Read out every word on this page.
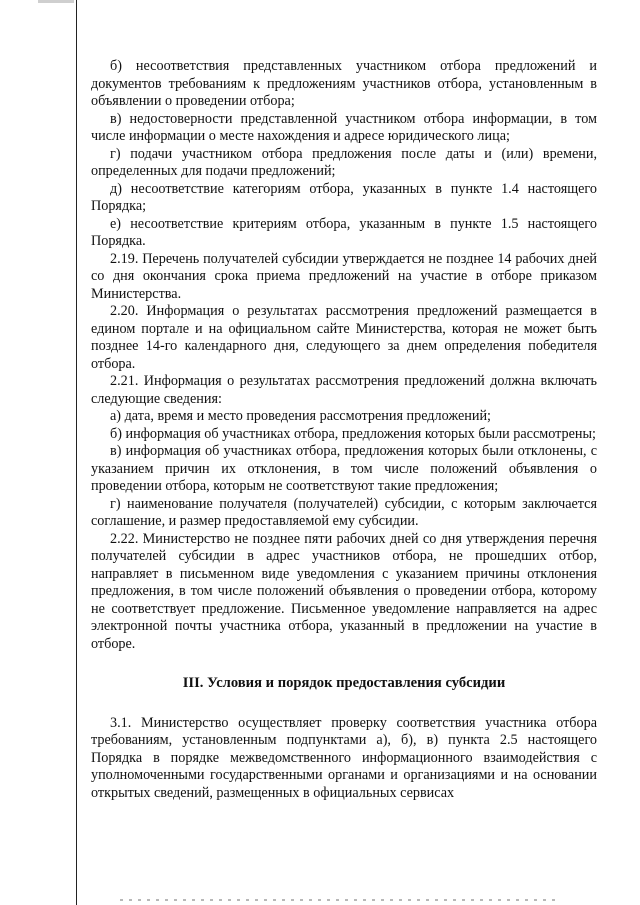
б) несоответствия представленных участником отбора предложений и документов требованиям к предложениям участников отбора, установленным в объявлении о проведении отбора;

в) недостоверности представленной участником отбора информации, в том числе информации о месте нахождения и адресе юридического лица;

г) подачи участником отбора предложения после даты и (или) времени, определенных для подачи предложений;

д) несоответствие категориям отбора, указанных в пункте 1.4 настоящего Порядка;

е) несоответствие критериям отбора, указанным в пункте 1.5 настоящего Порядка.

2.19. Перечень получателей субсидии утверждается не позднее 14 рабочих дней со дня окончания срока приема предложений на участие в отборе приказом Министерства.

2.20. Информация о результатах рассмотрения предложений размещается в едином портале и на официальном сайте Министерства, которая не может быть позднее 14-го календарного дня, следующего за днем определения победителя отбора.

2.21. Информация о результатах рассмотрения предложений должна включать следующие сведения:

а) дата, время и место проведения рассмотрения предложений;

б) информация об участниках отбора, предложения которых были рассмотрены;

в) информация об участниках отбора, предложения которых были отклонены, с указанием причин их отклонения, в том числе положений объявления о проведении отбора, которым не соответствуют такие предложения;

г) наименование получателя (получателей) субсидии, с которым заключается соглашение, и размер предоставляемой ему субсидии.

2.22. Министерство не позднее пяти рабочих дней со дня утверждения перечня получателей субсидии в адрес участников отбора, не прошедших отбор, направляет в письменном виде уведомления с указанием причины отклонения предложения, в том числе положений объявления о проведении отбора, которому не соответствует предложение. Письменное уведомление направляется на адрес электронной почты участника отбора, указанный в предложении на участие в отборе.

III. Условия и порядок предоставления субсидии

3.1. Министерство осуществляет проверку соответствия участника отбора требованиям, установленным подпунктами а), б), в) пункта 2.5 настоящего Порядка в порядке межведомственного информационного взаимодействия с уполномоченными государственными органами и организациями и на основании открытых сведений, размещенных в официальных сервисах
